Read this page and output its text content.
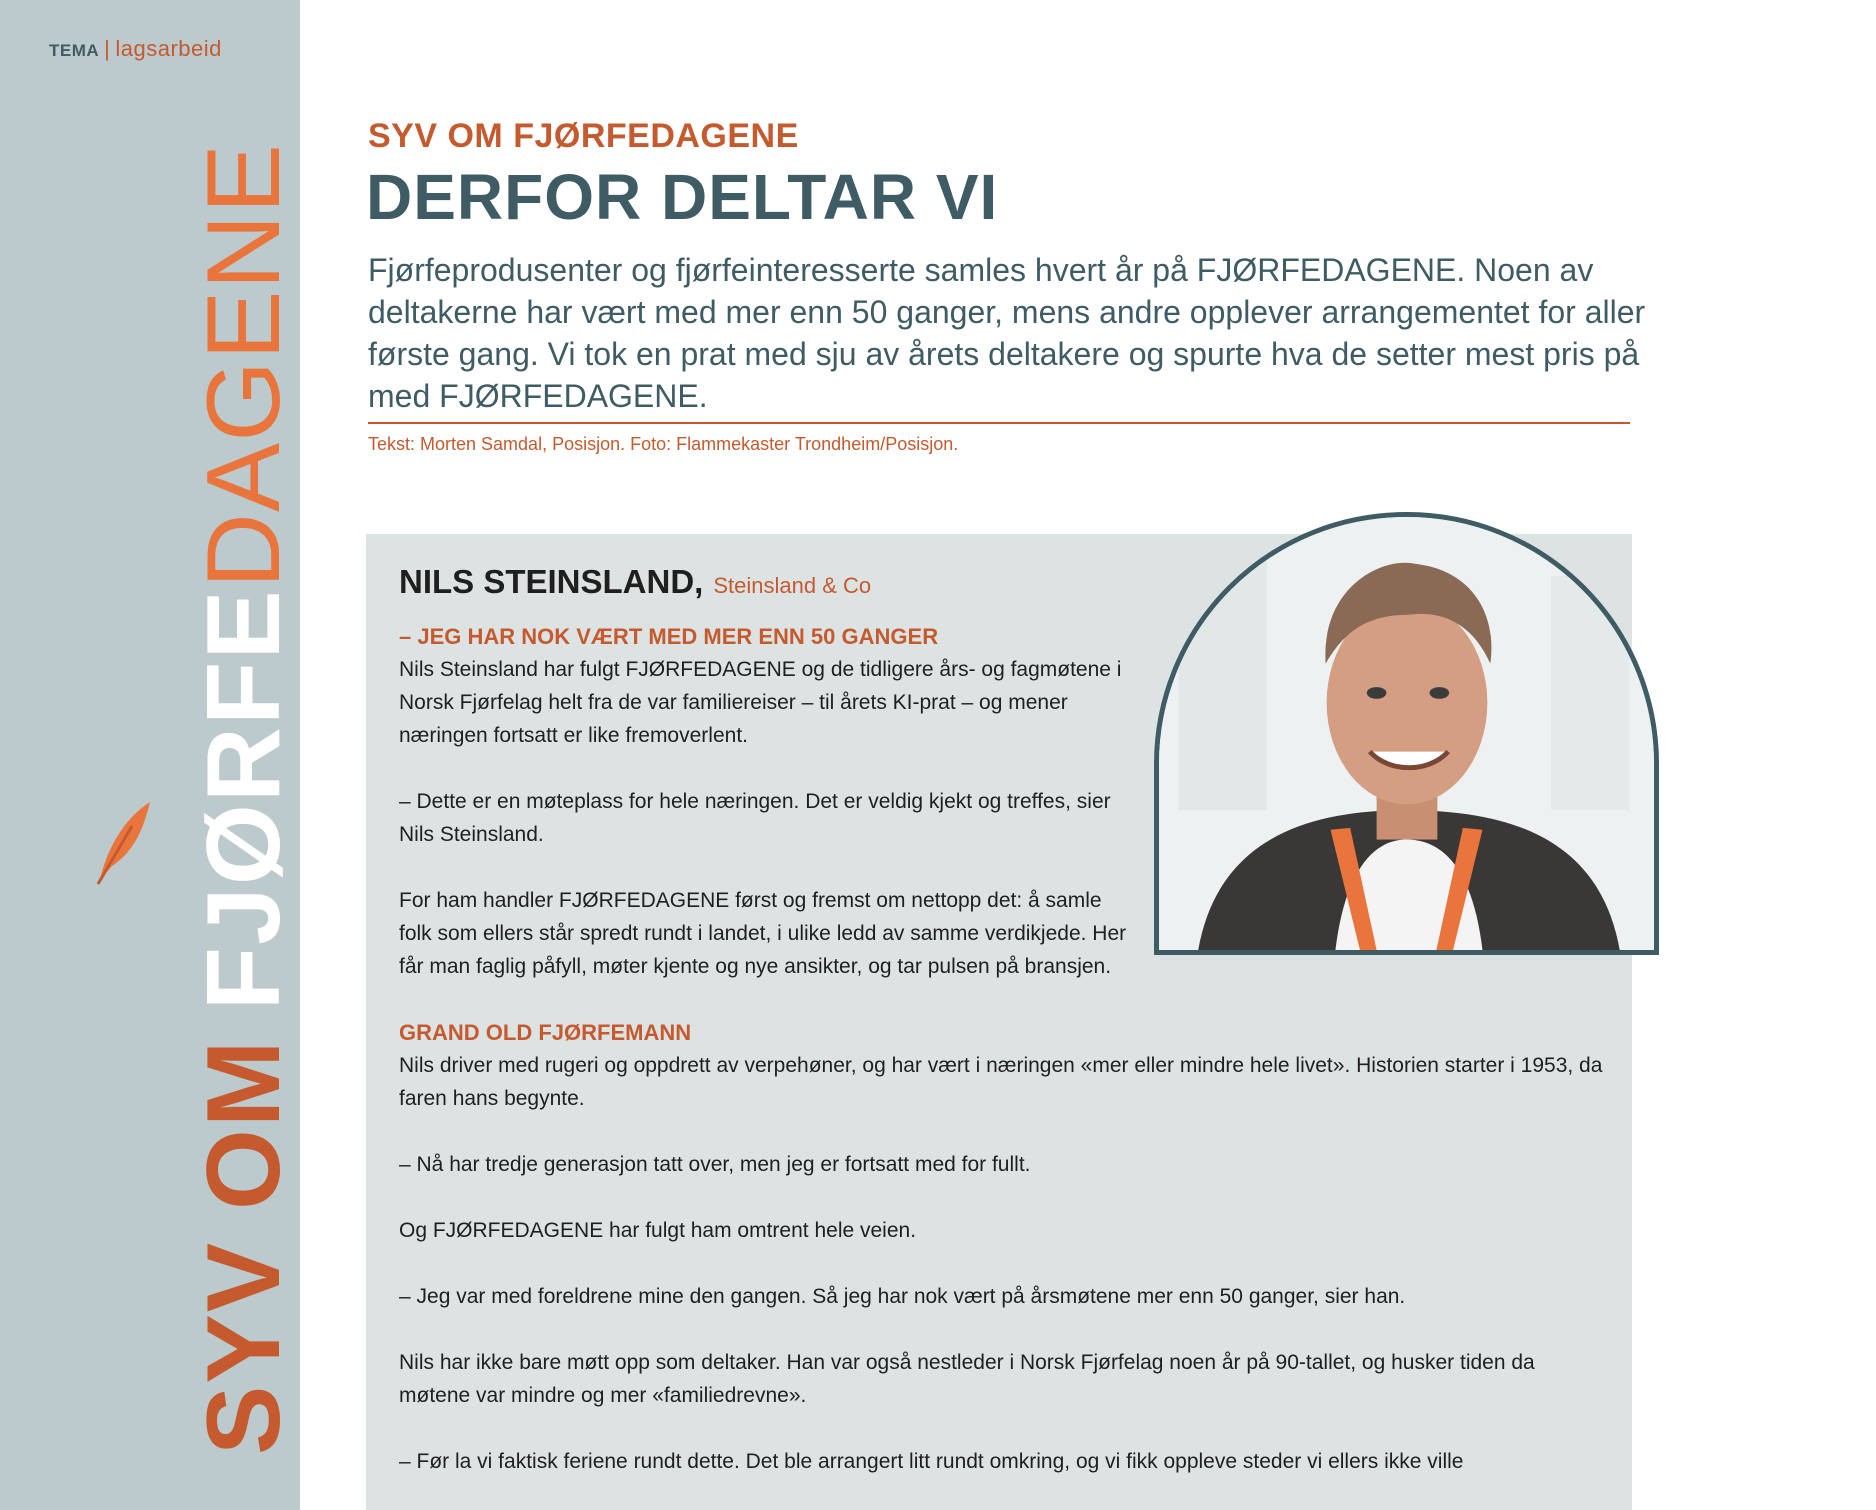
TEMA | lagsarbeid
SYV OMFJØRFEDAGENE
SYV OM FJØRFEDAGENE
DERFOR DELTAR VI
Fjørfeprodusenter og fjørfeinteresserte samles hvert år på FJØRFEDAGENE. Noen av deltakerne har vært med mer enn 50 ganger, mens andre opplever arrangementet for aller første gang. Vi tok en prat med sju av årets deltakere og spurte hva de setter mest pris på med FJØRFEDAGENE.
Tekst: Morten Samdal, Posisjon. Foto: Flammekaster Trondheim/Posisjon.
NILS STEINSLAND, Steinsland & Co
– JEG HAR NOK VÆRT MED MER ENN 50 GANGER
Nils Steinsland har fulgt FJØRFEDAGENE og de tidligere års- og fagmøtene i Norsk Fjørfelag helt fra de var familiereiser – til årets KI-prat – og mener næringen fortsatt er like fremoverlent.
– Dette er en møteplass for hele næringen. Det er veldig kjekt og treffes, sier Nils Steinsland.
For ham handler FJØRFEDAGENE først og fremst om nettopp det: å samle folk som ellers står spredt rundt i landet, i ulike ledd av samme verdikjede. Her får man faglig påfyll, møter kjente og nye ansikter, og tar pulsen på bransjen.
GRAND OLD FJØRFEMANN
Nils driver med rugeri og oppdrett av verpehøner, og har vært i næringen «mer eller mindre hele livet». Historien starter i 1953, da faren hans begynte.
– Nå har tredje generasjon tatt over, men jeg er fortsatt med for fullt.
Og FJØRFEDAGENE har fulgt ham omtrent hele veien.
– Jeg var med foreldrene mine den gangen. Så jeg har nok vært på årsmøtene mer enn 50 ganger, sier han.
Nils har ikke bare møtt opp som deltaker. Han var også nestleder i Norsk Fjørfelag noen år på 90-tallet, og husker tiden da møtene var mindre og mer «familiedrevne».
– Før la vi faktisk feriene rundt dette. Det ble arrangert litt rundt omkring, og vi fikk oppleve steder vi ellers ikke ville
